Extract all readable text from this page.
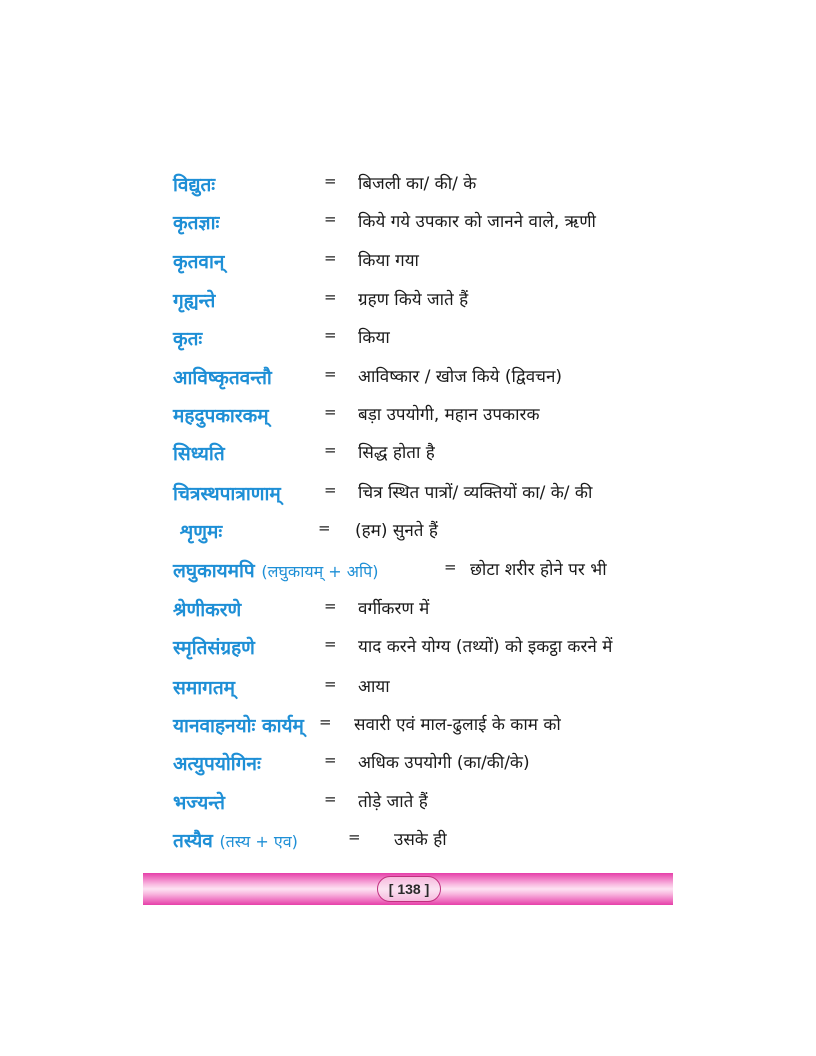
विद्युतः	= बिजली का/ की/ के
कृतज्ञाः	= किये गये उपकार को जानने वाले, ऋणी
कृतवान्	= किया गया
गृह्यन्ते	= ग्रहण किये जाते हैं
कृतः	= किया
आविष्कृतवन्तौ	= आविष्कार / खोज किये (द्विवचन)
महदुपकारकम्	= बड़ा उपयोगी, महान उपकारक
सिध्यति	= सिद्ध होता है
चित्रस्थपात्राणाम्	= चित्र स्थित पात्रों/ व्यक्तियों का/ के/ की
शृणुमः	= (हम) सुनते हैं
लघुकायमपि (लघुकायम् + अपि)	= छोटा शरीर होने पर भी
श्रेणीकरणे	= वर्गीकरण में
स्मृतिसंग्रहणे	= याद करने योग्य (तथ्यों) को इकट्ठा करने में
समागतम्	= आया
यानवाहनयोः कार्यम् = सवारी एवं माल-ढुलाई के काम को
अत्युपयोगिनः	= अधिक उपयोगी (का/की/के)
भज्यन्ते	= तोड़े जाते हैं
तस्यैव (तस्य + एव)	= उसके ही
[ 138 ]
